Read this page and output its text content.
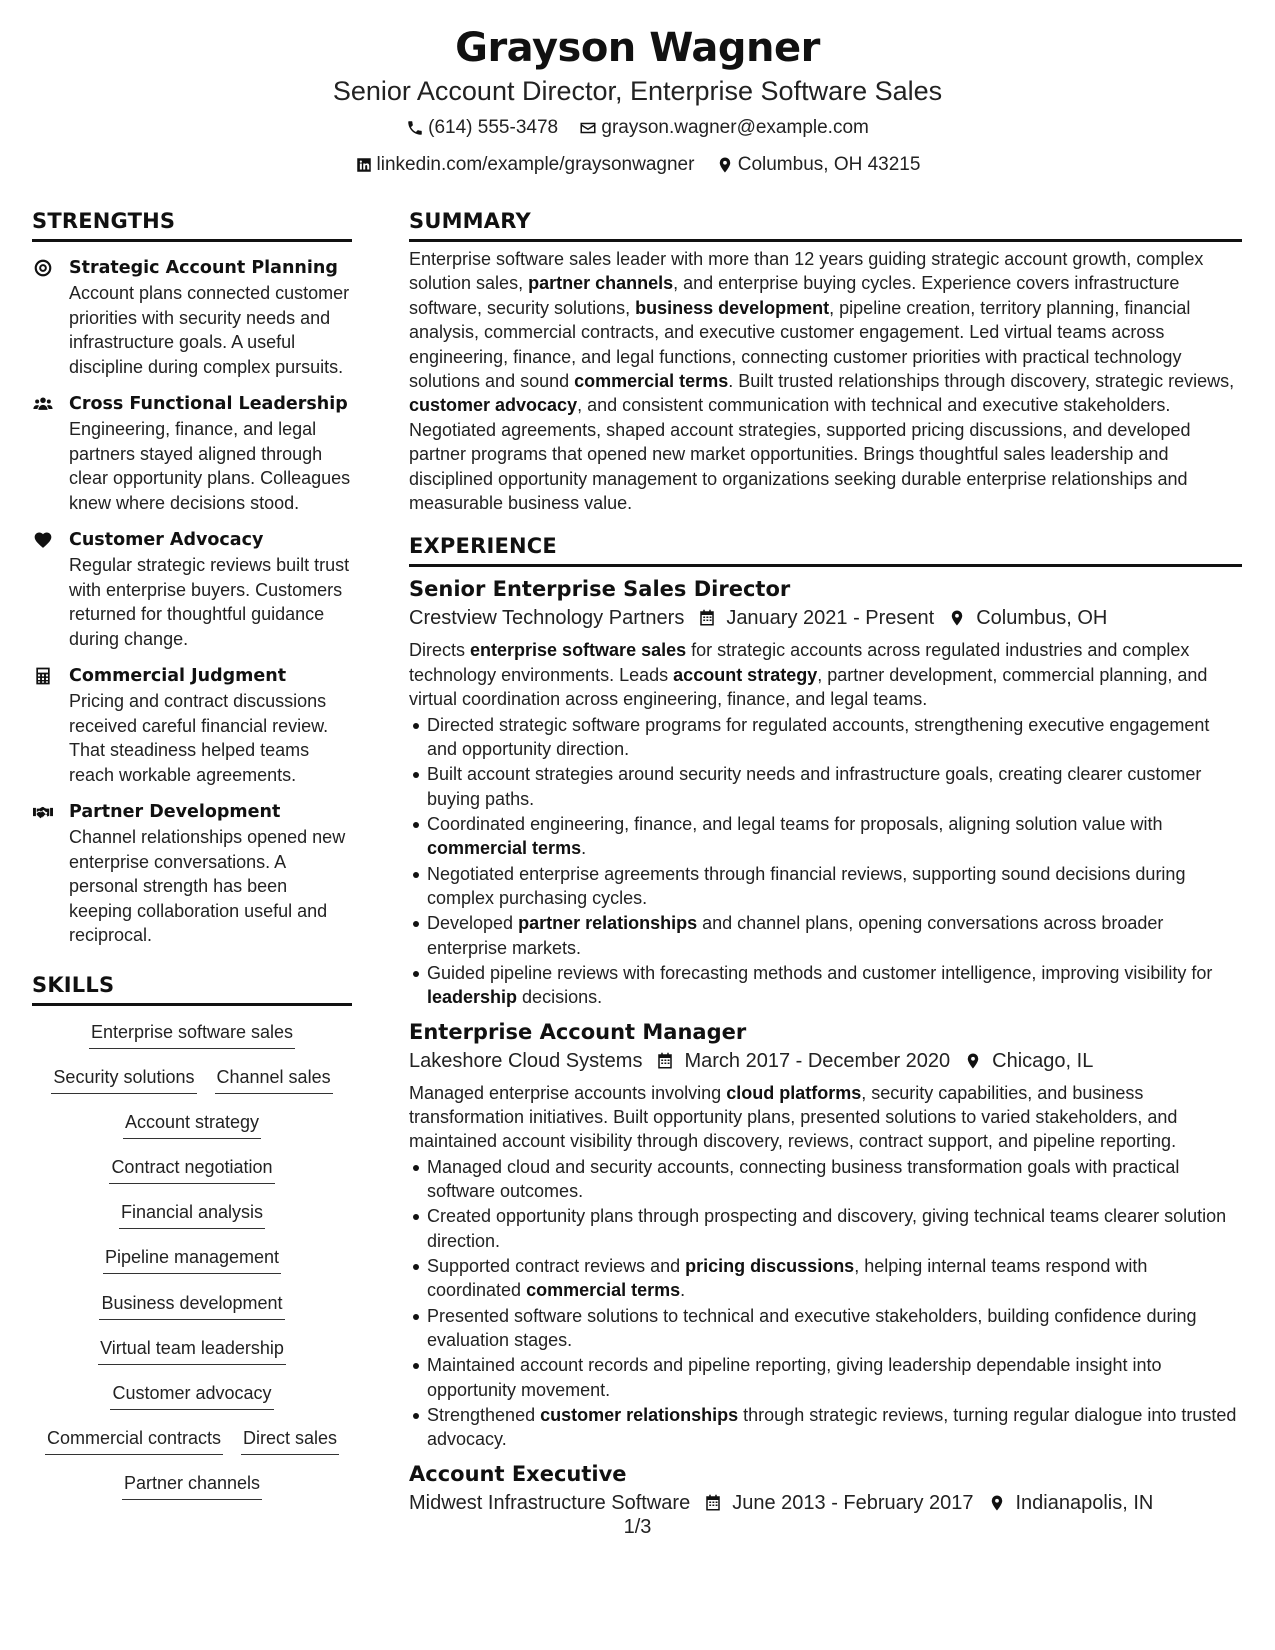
Grayson Wagner
Senior Account Director, Enterprise Software Sales
(614) 555-3478
grayson.wagner@example.com
linkedin.com/example/graysonwagner
Columbus, OH 43215
STRENGTHS
Strategic Account Planning
Account plans connected customer priorities with security needs and infrastructure goals. A useful discipline during complex pursuits.
Cross Functional Leadership
Engineering, finance, and legal partners stayed aligned through clear opportunity plans. Colleagues knew where decisions stood.
Customer Advocacy
Regular strategic reviews built trust with enterprise buyers. Customers returned for thoughtful guidance during change.
Commercial Judgment
Pricing and contract discussions received careful financial review. That steadiness helped teams reach workable agreements.
Partner Development
Channel relationships opened new enterprise conversations. A personal strength has been keeping collaboration useful and reciprocal.
SKILLS
Enterprise software sales
Security solutions Channel sales
Account strategy
Contract negotiation
Financial analysis
Pipeline management
Business development
Virtual team leadership
Customer advocacy
Commercial contracts Direct sales
Partner channels
SUMMARY
Enterprise software sales leader with more than 12 years guiding strategic account growth, complex solution sales, partner channels, and enterprise buying cycles. Experience covers infrastructure software, security solutions, business development, pipeline creation, territory planning, financial analysis, commercial contracts, and executive customer engagement. Led virtual teams across engineering, finance, and legal functions, connecting customer priorities with practical technology solutions and sound commercial terms. Built trusted relationships through discovery, strategic reviews, customer advocacy, and consistent communication with technical and executive stakeholders. Negotiated agreements, shaped account strategies, supported pricing discussions, and developed partner programs that opened new market opportunities. Brings thoughtful sales leadership and disciplined opportunity management to organizations seeking durable enterprise relationships and measurable business value.
EXPERIENCE
Senior Enterprise Sales Director
Crestview Technology Partners January 2021 - Present Columbus, OH
Directs enterprise software sales for strategic accounts across regulated industries and complex technology environments. Leads account strategy, partner development, commercial planning, and virtual coordination across engineering, finance, and legal teams.
Directed strategic software programs for regulated accounts, strengthening executive engagement and opportunity direction.
Built account strategies around security needs and infrastructure goals, creating clearer customer buying paths.
Coordinated engineering, finance, and legal teams for proposals, aligning solution value with commercial terms.
Negotiated enterprise agreements through financial reviews, supporting sound decisions during complex purchasing cycles.
Developed partner relationships and channel plans, opening conversations across broader enterprise markets.
Guided pipeline reviews with forecasting methods and customer intelligence, improving visibility for leadership decisions.
Enterprise Account Manager
Lakeshore Cloud Systems March 2017 - December 2020 Chicago, IL
Managed enterprise accounts involving cloud platforms, security capabilities, and business transformation initiatives. Built opportunity plans, presented solutions to varied stakeholders, and maintained account visibility through discovery, reviews, contract support, and pipeline reporting.
Managed cloud and security accounts, connecting business transformation goals with practical software outcomes.
Created opportunity plans through prospecting and discovery, giving technical teams clearer solution direction.
Supported contract reviews and pricing discussions, helping internal teams respond with coordinated commercial terms.
Presented software solutions to technical and executive stakeholders, building confidence during evaluation stages.
Maintained account records and pipeline reporting, giving leadership dependable insight into opportunity movement.
Strengthened customer relationships through strategic reviews, turning regular dialogue into trusted advocacy.
Account Executive
Midwest Infrastructure Software June 2013 - February 2017 Indianapolis, IN
1/3
